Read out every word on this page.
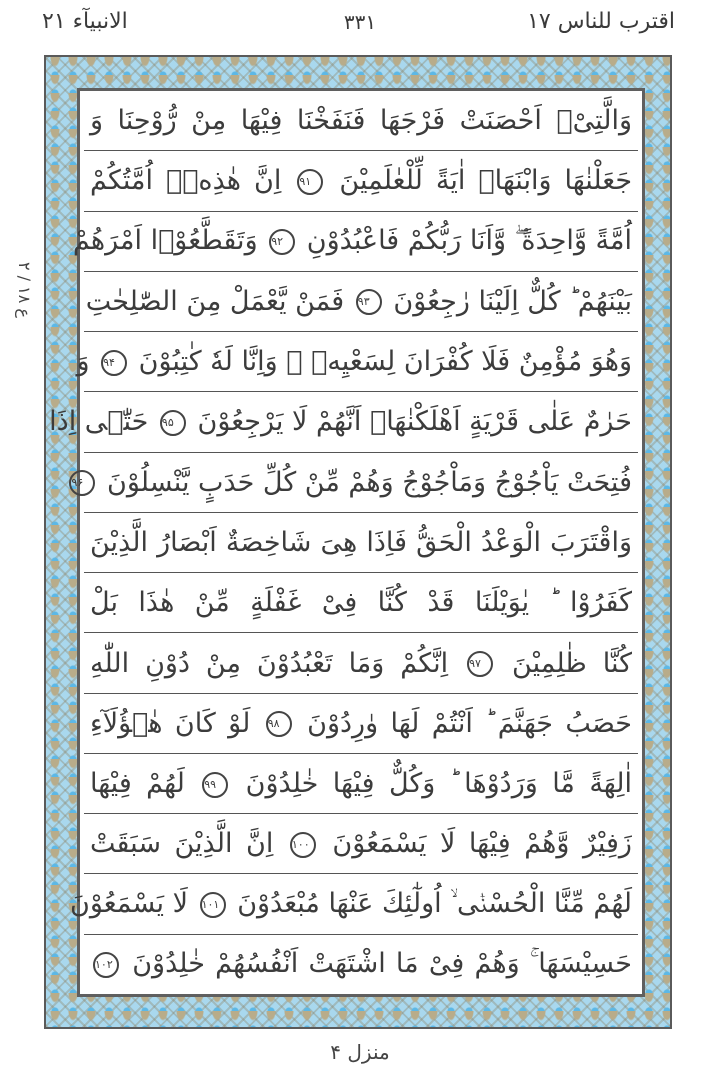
اقترب للناس ۱۷
۳۳۱
الانبیآء ۲۱
ع ۱۸ / ۲
وَالَّتِیْۤ اَحْصَنَتْ فَرْجَهَا فَنَفَخْنَا فِیْهَا مِنْ رُّوْحِنَا وَ
جَعَلْنٰهَا وَابْنَهَاۤ اٰیَةً لِّلْعٰلَمِیْنَ ۹۱ اِنَّ هٰذِهٖۤ اُمَّتُكُمْ
اُمَّةً وَّاحِدَةً ۖ وَّاَنَا رَبُّكُمْ فَاعْبُدُوْنِ ۹۲ وَتَقَطَّعُوْۤا اَمْرَهُمْ
بَیْنَهُمْ ؕ كُلٌّ اِلَیْنَا رٰجِعُوْنَ ۹۳ فَمَنْ یَّعْمَلْ مِنَ الصّٰلِحٰتِ
وَهُوَ مُؤْمِنٌ فَلَا كُفْرَانَ لِسَعْیِهٖ ۚ وَاِنَّا لَهٗ كٰتِبُوْنَ ۹۴ وَ
حَرٰمٌ عَلٰی قَرْیَةٍ اَهْلَكْنٰهَاۤ اَنَّهُمْ لَا یَرْجِعُوْنَ ۹۵ حَتّٰۤی اِذَا
فُتِحَتْ یَاْجُوْجُ وَمَاْجُوْجُ وَهُمْ مِّنْ كُلِّ حَدَبٍ یَّنْسِلُوْنَ ۹۶
وَاقْتَرَبَ الْوَعْدُ الْحَقُّ فَاِذَا هِیَ شَاخِصَةٌ اَبْصَارُ الَّذِیْنَ
كَفَرُوْا ؕ یٰوَیْلَنَا قَدْ كُنَّا فِیْ غَفْلَةٍ مِّنْ هٰذَا بَلْ
كُنَّا ظٰلِمِیْنَ ۹۷ اِنَّكُمْ وَمَا تَعْبُدُوْنَ مِنْ دُوْنِ اللّٰهِ
حَصَبُ جَهَنَّمَ ؕ اَنْتُمْ لَهَا وٰرِدُوْنَ ۹۸ لَوْ كَانَ هٰۤؤُلَآءِ
اٰلِهَةً مَّا وَرَدُوْهَا ؕ وَكُلٌّ فِیْهَا خٰلِدُوْنَ ۹۹ لَهُمْ فِیْهَا
زَفِیْرٌ وَّهُمْ فِیْهَا لَا یَسْمَعُوْنَ ۱۰۰ اِنَّ الَّذِیْنَ سَبَقَتْ
لَهُمْ مِّنَّا الْحُسْنٰۤی ۙ اُولٰٓئِكَ عَنْهَا مُبْعَدُوْنَ ۱۰۱ لَا یَسْمَعُوْنَ
حَسِیْسَهَا ۚ وَهُمْ فِیْ مَا اشْتَهَتْ اَنْفُسُهُمْ خٰلِدُوْنَ ۱۰۲
منزل ۴
